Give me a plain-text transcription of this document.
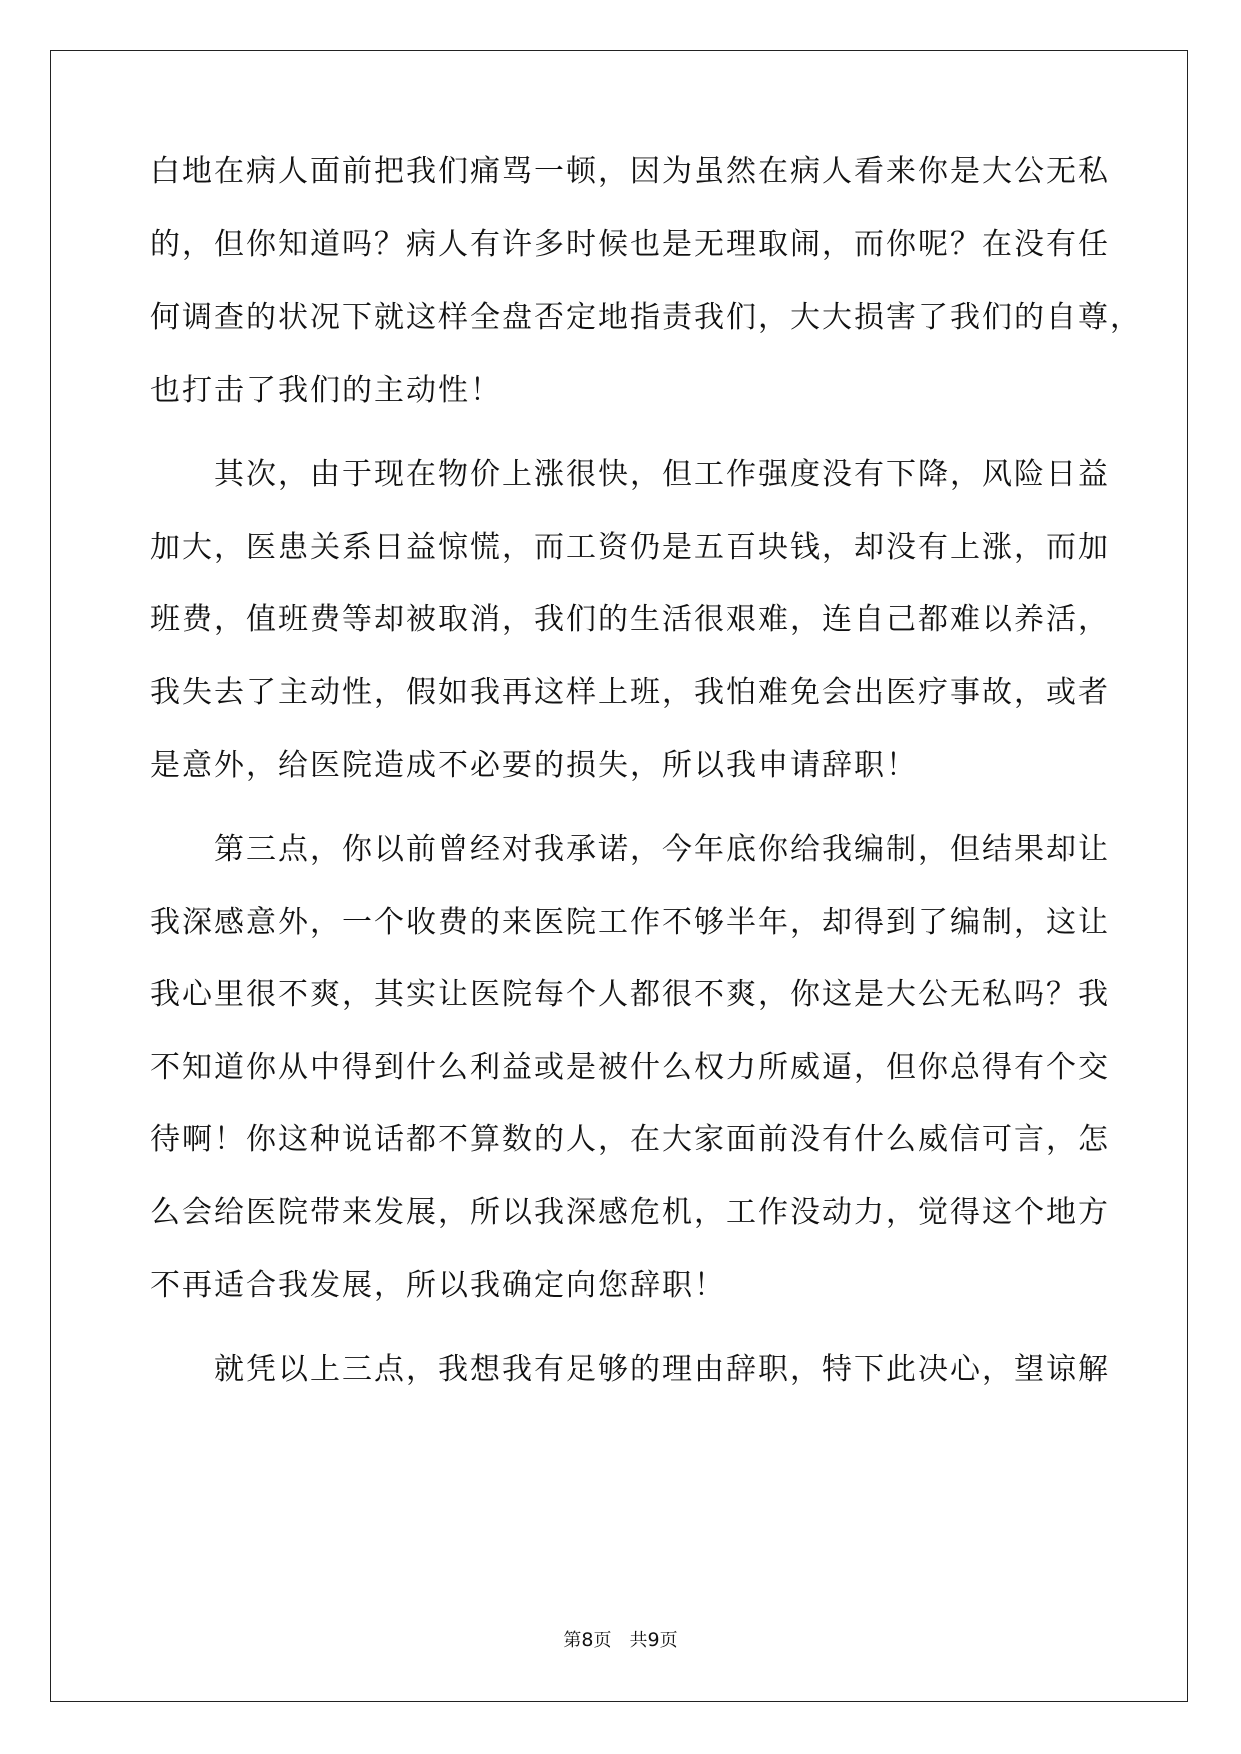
白地在病人面前把我们痛骂一顿，因为虽然在病人看来你是大公无私
的，但你知道吗？病人有许多时候也是无理取闹，而你呢？在没有任
何调查的状况下就这样全盘否定地指责我们，大大损害了我们的自尊，
也打击了我们的主动性！
　　其次，由于现在物价上涨很快，但工作强度没有下降，风险日益
加大，医患关系日益惊慌，而工资仍是五百块钱，却没有上涨，而加
班费，值班费等却被取消，我们的生活很艰难，连自己都难以养活，
我失去了主动性，假如我再这样上班，我怕难免会出医疗事故，或者
是意外，给医院造成不必要的损失，所以我申请辞职！
　　第三点，你以前曾经对我承诺，今年底你给我编制，但结果却让
我深感意外，一个收费的来医院工作不够半年，却得到了编制，这让
我心里很不爽，其实让医院每个人都很不爽，你这是大公无私吗？我
不知道你从中得到什么利益或是被什么权力所威逼，但你总得有个交
待啊！你这种说话都不算数的人，在大家面前没有什么威信可言，怎
么会给医院带来发展，所以我深感危机，工作没动力，觉得这个地方
不再适合我发展，所以我确定向您辞职！
　　就凭以上三点，我想我有足够的理由辞职，特下此决心，望谅解
第8页　共9页
